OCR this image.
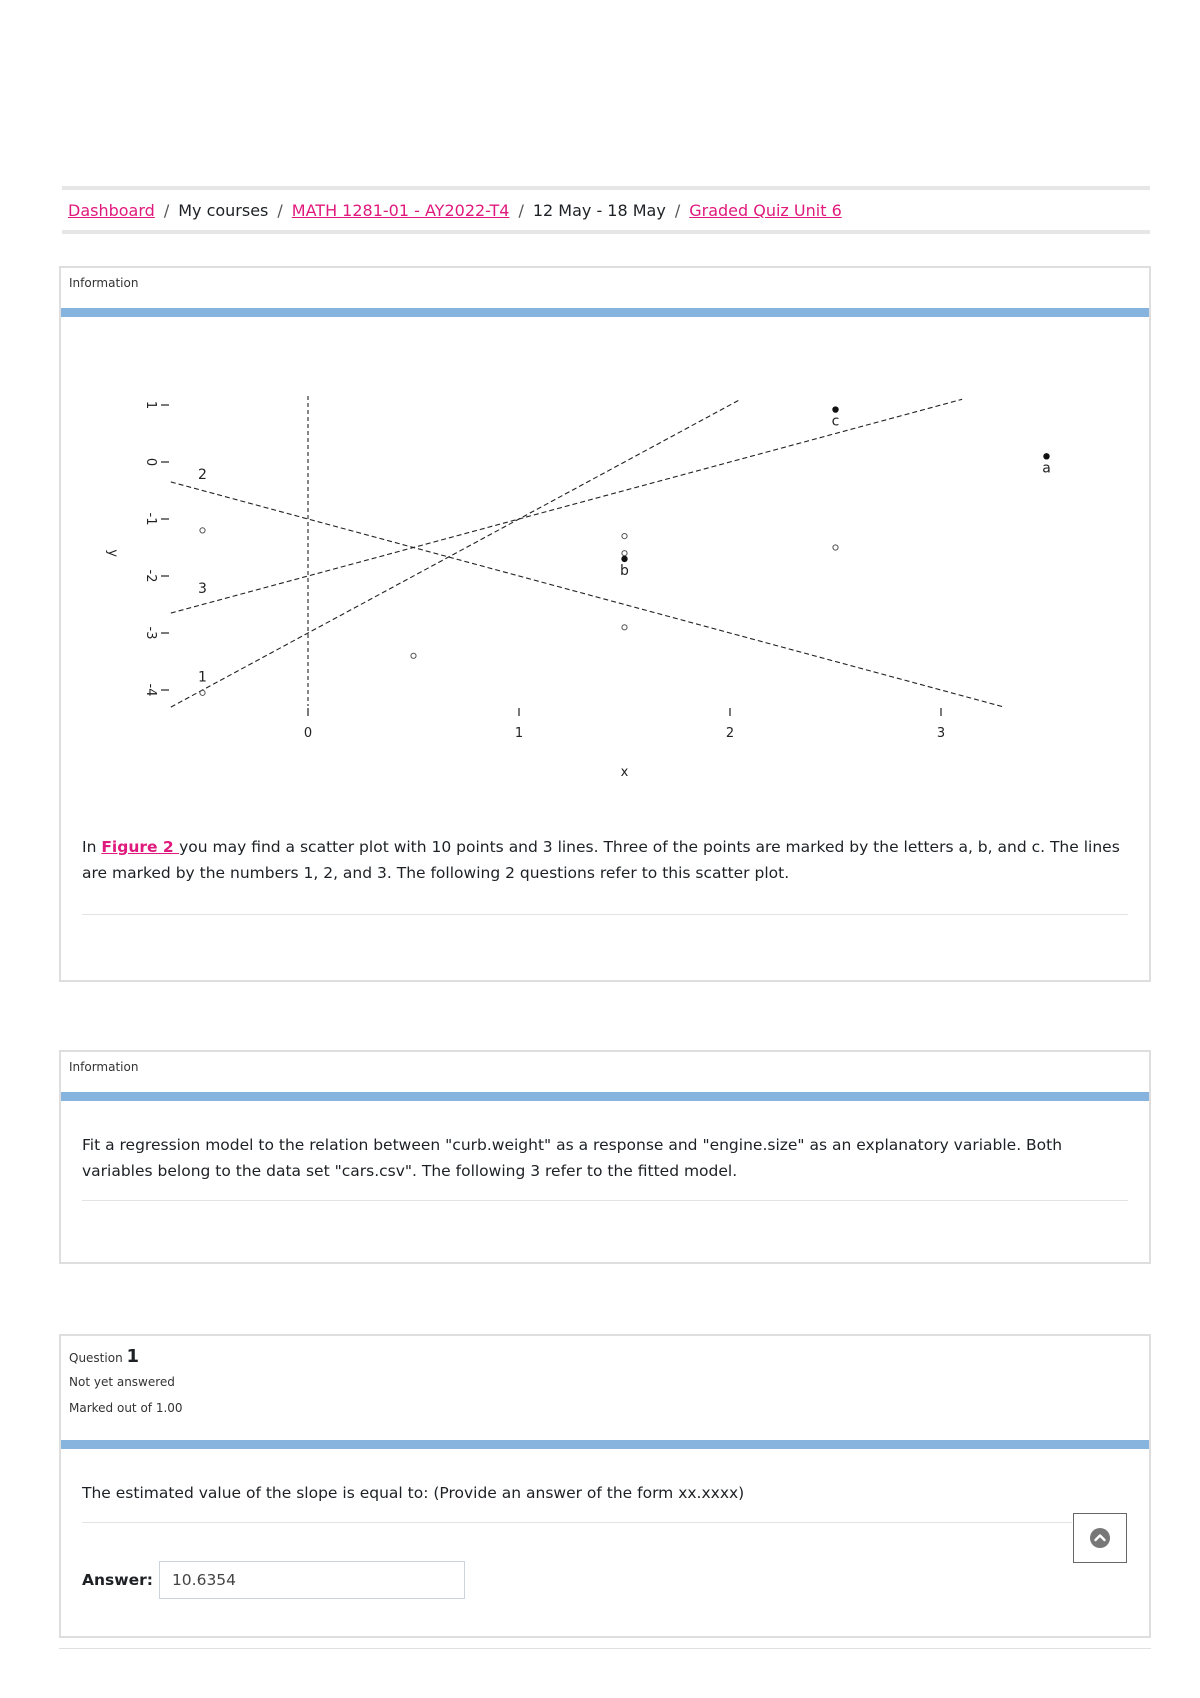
Dashboard / My courses / MATH 1281-01 - AY2022-T4 / 12 May - 18 May / Graded Quiz Unit 6
Information
1
0
-1
-2
-3
-4
y
0	1	2	3
x
1
2
3
b
c
a

In Figure 2 you may find a scatter plot with 10 points and 3 lines. Three of the points are marked by the letters a, b, and c. The lines are marked by the numbers 1, 2, and 3. The following 2 questions refer to this scatter plot.

Information

Fit a regression model to the relation between "curb.weight" as a response and "engine.size" as an explanatory variable. Both variables belong to the data set "cars.csv". The following 3 refer to the fitted model.

Question 1
Not yet answered
Marked out of 1.00

The estimated value of the slope is equal to: (Provide an answer of the form xx.xxxx)

Answer:
10.6354
